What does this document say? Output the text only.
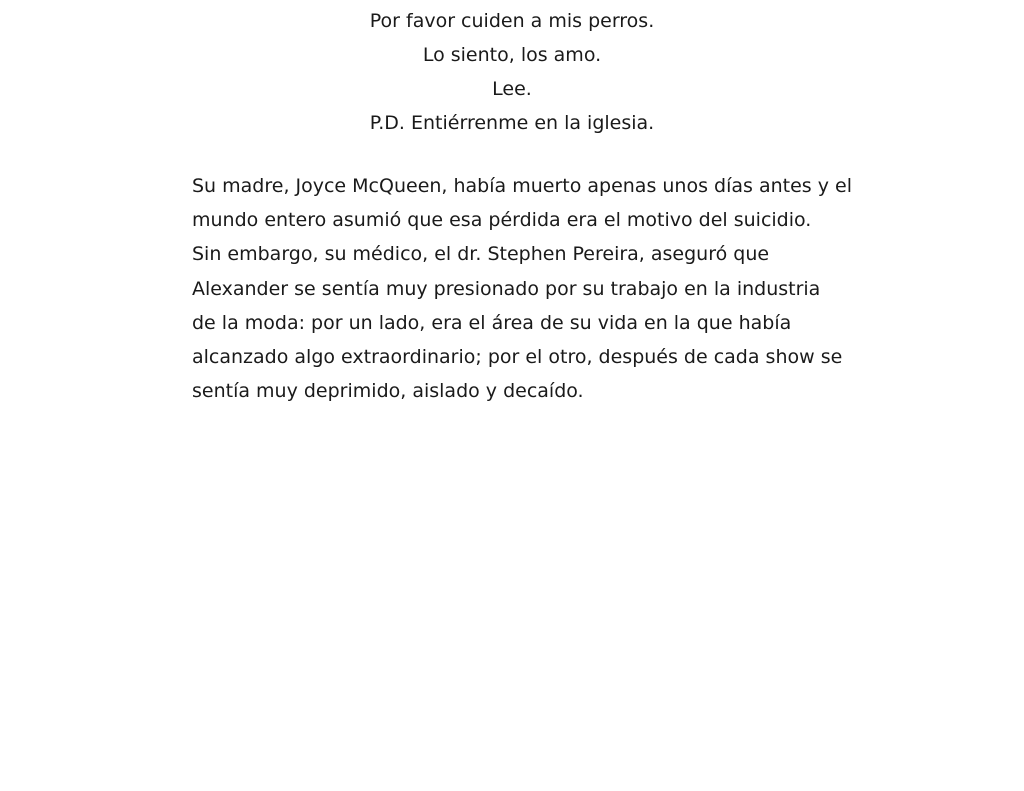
Por favor cuiden a mis perros.
Lo siento, los amo.
Lee.
P.D. Entiérrenme en la iglesia.
Su madre, Joyce McQueen, había muerto apenas unos días antes y el
mundo entero asumió que esa pérdida era el motivo del suicidio.
Sin embargo, su médico, el dr. Stephen Pereira, aseguró que
Alexander se sentía muy presionado por su trabajo en la industria
de la moda: por un lado, era el área de su vida en la que había
alcanzado algo extraordinario; por el otro, después de cada show se
sentía muy deprimido, aislado y decaído.
